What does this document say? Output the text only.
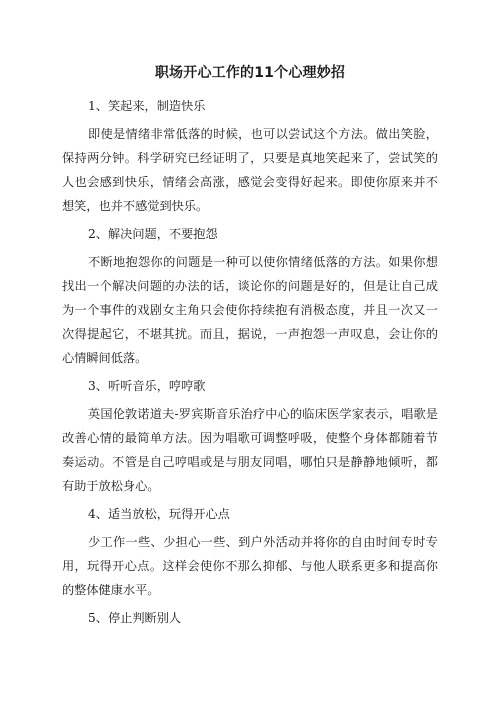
职场开心工作的11个心理妙招

1、笑起来，制造快乐

即使是情绪非常低落的时候，也可以尝试这个方法。做出笑脸，保持两分钟。科学研究已经证明了，只要是真地笑起来了，尝试笑的人也会感到快乐，情绪会高涨，感觉会变得好起来。即使你原来并不想笑，也并不感觉到快乐。

2、解决问题，不要抱怨

不断地抱怨你的问题是一种可以使你情绪低落的方法。如果你想找出一个解决问题的办法的话，谈论你的问题是好的，但是让自己成为一个事件的戏剧女主角只会使你持续抱有消极态度，并且一次又一次得提起它，不堪其扰。而且，据说，一声抱怨一声叹息，会让你的心情瞬间低落。

3、听听音乐，哼哼歌

英国伦敦诺道夫-罗宾斯音乐治疗中心的临床医学家表示，唱歌是改善心情的最简单方法。因为唱歌可调整呼吸，使整个身体都随着节奏运动。不管是自己哼唱或是与朋友同唱，哪怕只是静静地倾听，都有助于放松身心。

4、适当放松，玩得开心点

少工作一些、少担心一些、到户外活动并将你的自由时间专时专用，玩得开心点。这样会使你不那么抑郁、与他人联系更多和提高你的整体健康水平。

5、停止判断别人
